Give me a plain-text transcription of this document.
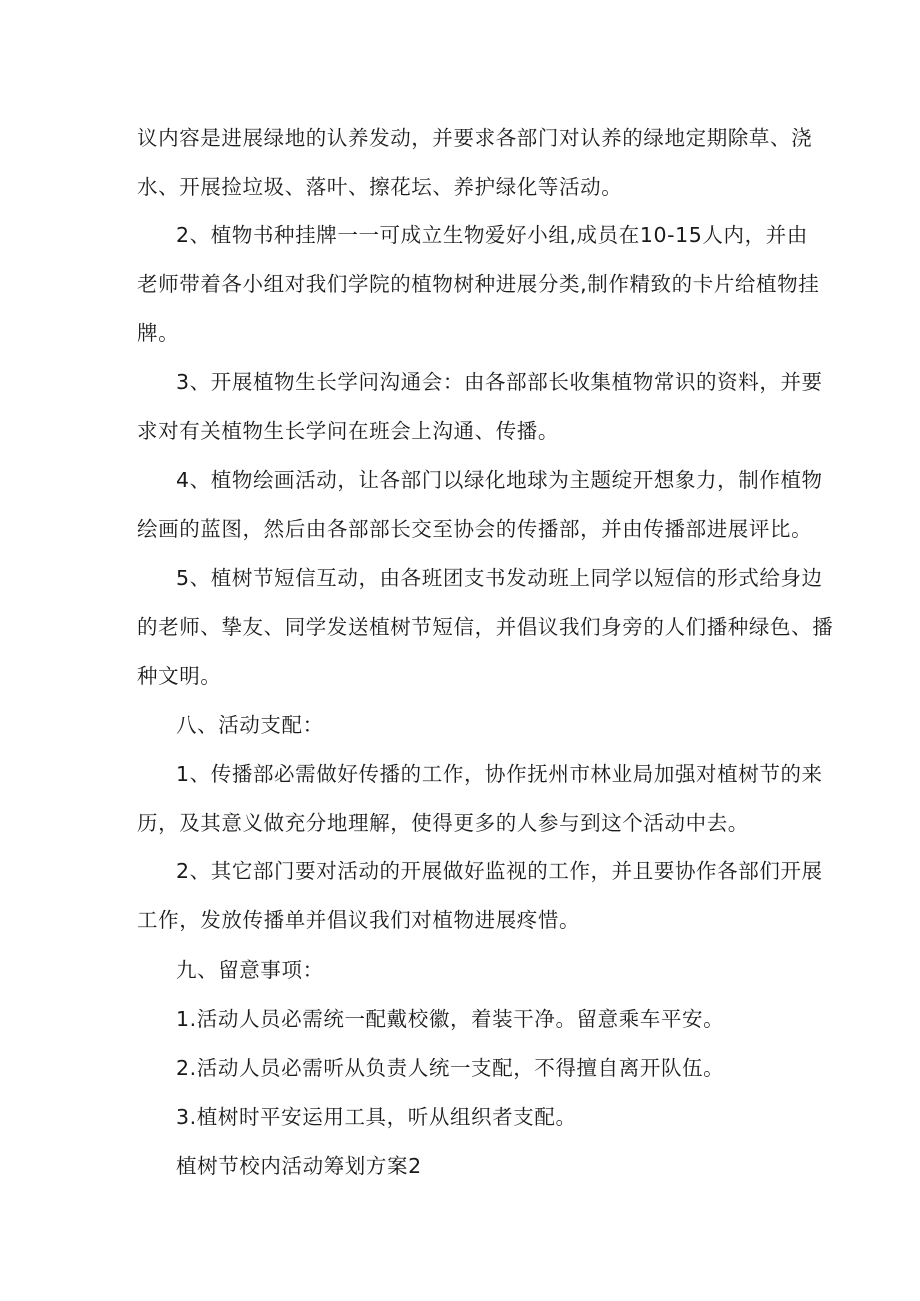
议内容是进展绿地的认养发动，并要求各部门对认养的绿地定期除草、浇
水、开展捡垃圾、落叶、擦花坛、养护绿化等活动。
2、植物书种挂牌一一可成立生物爱好小组,成员在10-15人内，并由
老师带着各小组对我们学院的植物树种进展分类,制作精致的卡片给植物挂
牌。
3、开展植物生长学问沟通会：由各部部长收集植物常识的资料，并要
求对有关植物生长学问在班会上沟通、传播。
4、植物绘画活动，让各部门以绿化地球为主题绽开想象力，制作植物
绘画的蓝图，然后由各部部长交至协会的传播部，并由传播部进展评比。
5、植树节短信互动，由各班团支书发动班上同学以短信的形式给身边
的老师、挚友、同学发送植树节短信，并倡议我们身旁的人们播种绿色、播
种文明。
八、活动支配：
1、传播部必需做好传播的工作，协作抚州市林业局加强对植树节的来
历，及其意义做充分地理解，使得更多的人参与到这个活动中去。
2、其它部门要对活动的开展做好监视的工作，并且要协作各部们开展
工作，发放传播单并倡议我们对植物进展疼惜。
九、留意事项：
1.活动人员必需统一配戴校徽，着装干净。留意乘车平安。
2.活动人员必需听从负责人统一支配，不得擅自离开队伍。
3.植树时平安运用工具，听从组织者支配。
植树节校内活动筹划方案2
